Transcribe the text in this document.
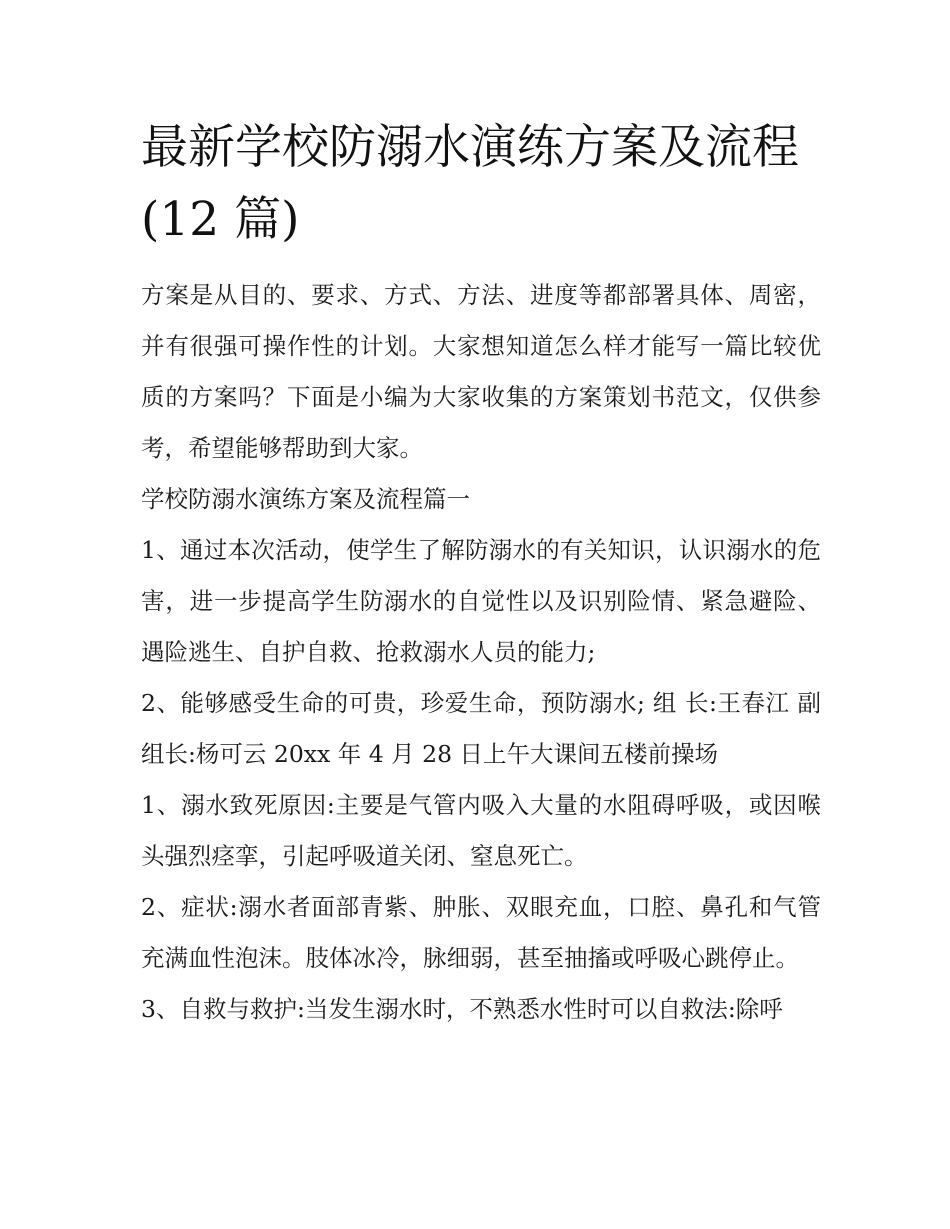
最新学校防溺水演练方案及流程(12 篇)

方案是从目的、要求、方式、方法、进度等都部署具体、周密，并有很强可操作性的计划。大家想知道怎么样才能写一篇比较优质的方案吗？下面是小编为大家收集的方案策划书范文，仅供参考，希望能够帮助到大家。

学校防溺水演练方案及流程篇一

1、通过本次活动，使学生了解防溺水的有关知识，认识溺水的危害，进一步提高学生防溺水的自觉性以及识别险情、紧急避险、遇险逃生、自护自救、抢救溺水人员的能力;

2、能够感受生命的可贵，珍爱生命，预防溺水; 组 长:王春江 副组长:杨可云 20xx 年 4 月 28 日上午大课间五楼前操场

1、溺水致死原因:主要是气管内吸入大量的水阻碍呼吸，或因喉头强烈痉挛，引起呼吸道关闭、窒息死亡。

2、症状:溺水者面部青紫、肿胀、双眼充血，口腔、鼻孔和气管充满血性泡沫。肢体冰冷，脉细弱，甚至抽搐或呼吸心跳停止。

3、自救与救护:当发生溺水时，不熟悉水性时可以自救法:除呼
